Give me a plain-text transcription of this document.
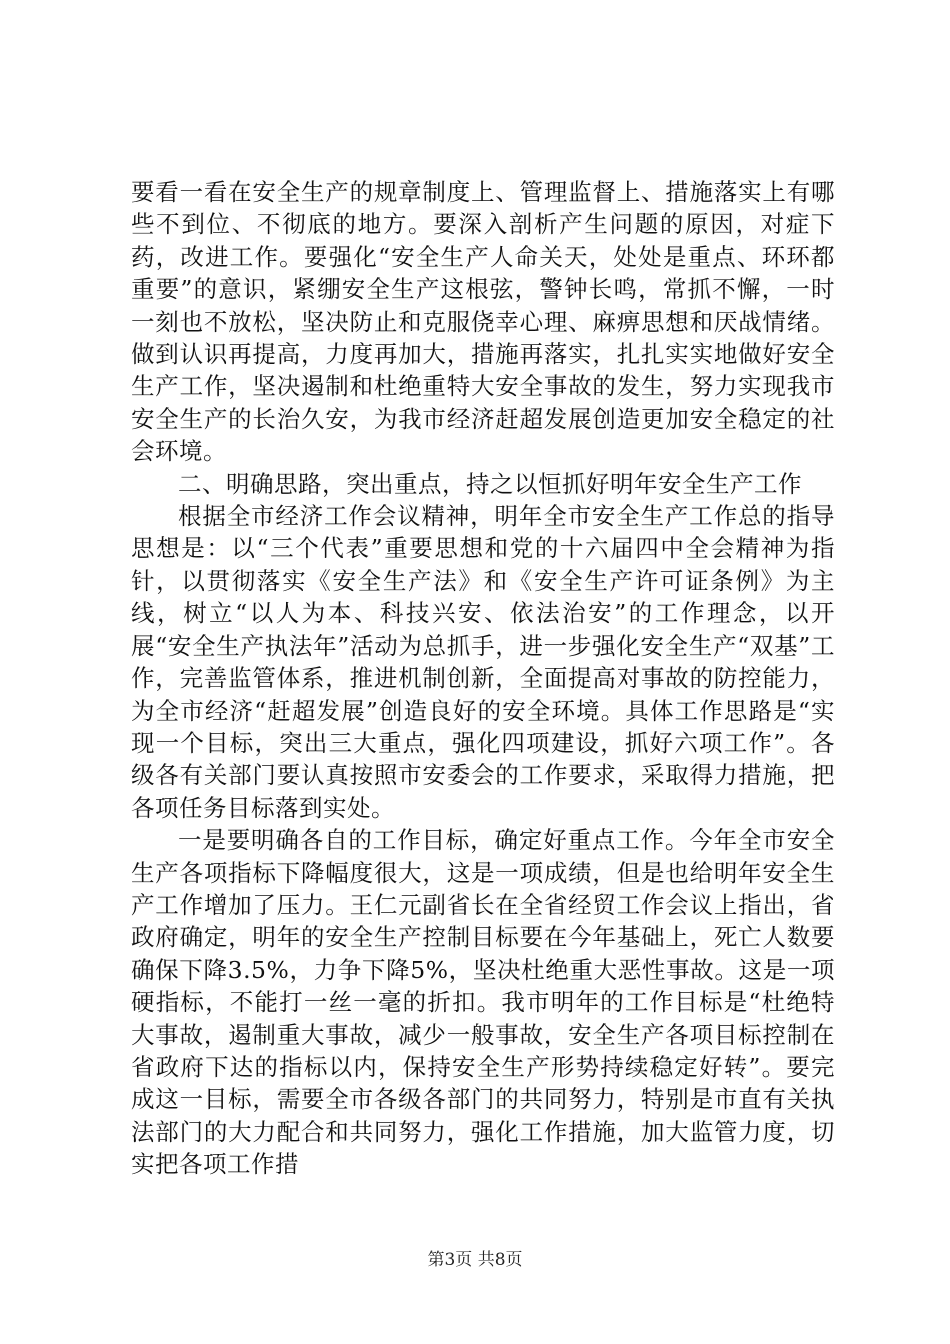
要看一看在安全生产的规章制度上、管理监督上、措施落实上有哪些不到位、不彻底的地方。要深入剖析产生问题的原因，对症下药，改进工作。要强化“安全生产人命关天，处处是重点、环环都重要”的意识，紧绷安全生产这根弦，警钟长鸣，常抓不懈，一时一刻也不放松，坚决防止和克服侥幸心理、麻痹思想和厌战情绪。做到认识再提高，力度再加大，措施再落实，扎扎实实地做好安全生产工作，坚决遏制和杜绝重特大安全事故的发生，努力实现我市安全生产的长治久安，为我市经济赶超发展创造更加安全稳定的社会环境。

二、明确思路，突出重点，持之以恒抓好明年安全生产工作

根据全市经济工作会议精神，明年全市安全生产工作总的指导思想是：以“三个代表”重要思想和党的十六届四中全会精神为指针，以贯彻落实《安全生产法》和《安全生产许可证条例》为主线，树立“以人为本、科技兴安、依法治安”的工作理念，以开展“安全生产执法年”活动为总抓手，进一步强化安全生产“双基”工作，完善监管体系，推进机制创新，全面提高对事故的防控能力，为全市经济“赶超发展”创造良好的安全环境。具体工作思路是“实现一个目标，突出三大重点，强化四项建设，抓好六项工作”。各级各有关部门要认真按照市安委会的工作要求，采取得力措施，把各项任务目标落到实处。

一是要明确各自的工作目标，确定好重点工作。今年全市安全生产各项指标下降幅度很大，这是一项成绩，但是也给明年安全生产工作增加了压力。王仁元副省长在全省经贸工作会议上指出，省政府确定，明年的安全生产控制目标要在今年基础上，死亡人数要确保下降3.5%，力争下降5%，坚决杜绝重大恶性事故。这是一项硬指标，不能打一丝一毫的折扣。我市明年的工作目标是“杜绝特大事故，遏制重大事故，减少一般事故，安全生产各项目标控制在省政府下达的指标以内，保持安全生产形势持续稳定好转”。要完成这一目标，需要全市各级各部门的共同努力，特别是市直有关执法部门的大力配合和共同努力，强化工作措施，加大监管力度，切实把各项工作措

第3页 共8页
